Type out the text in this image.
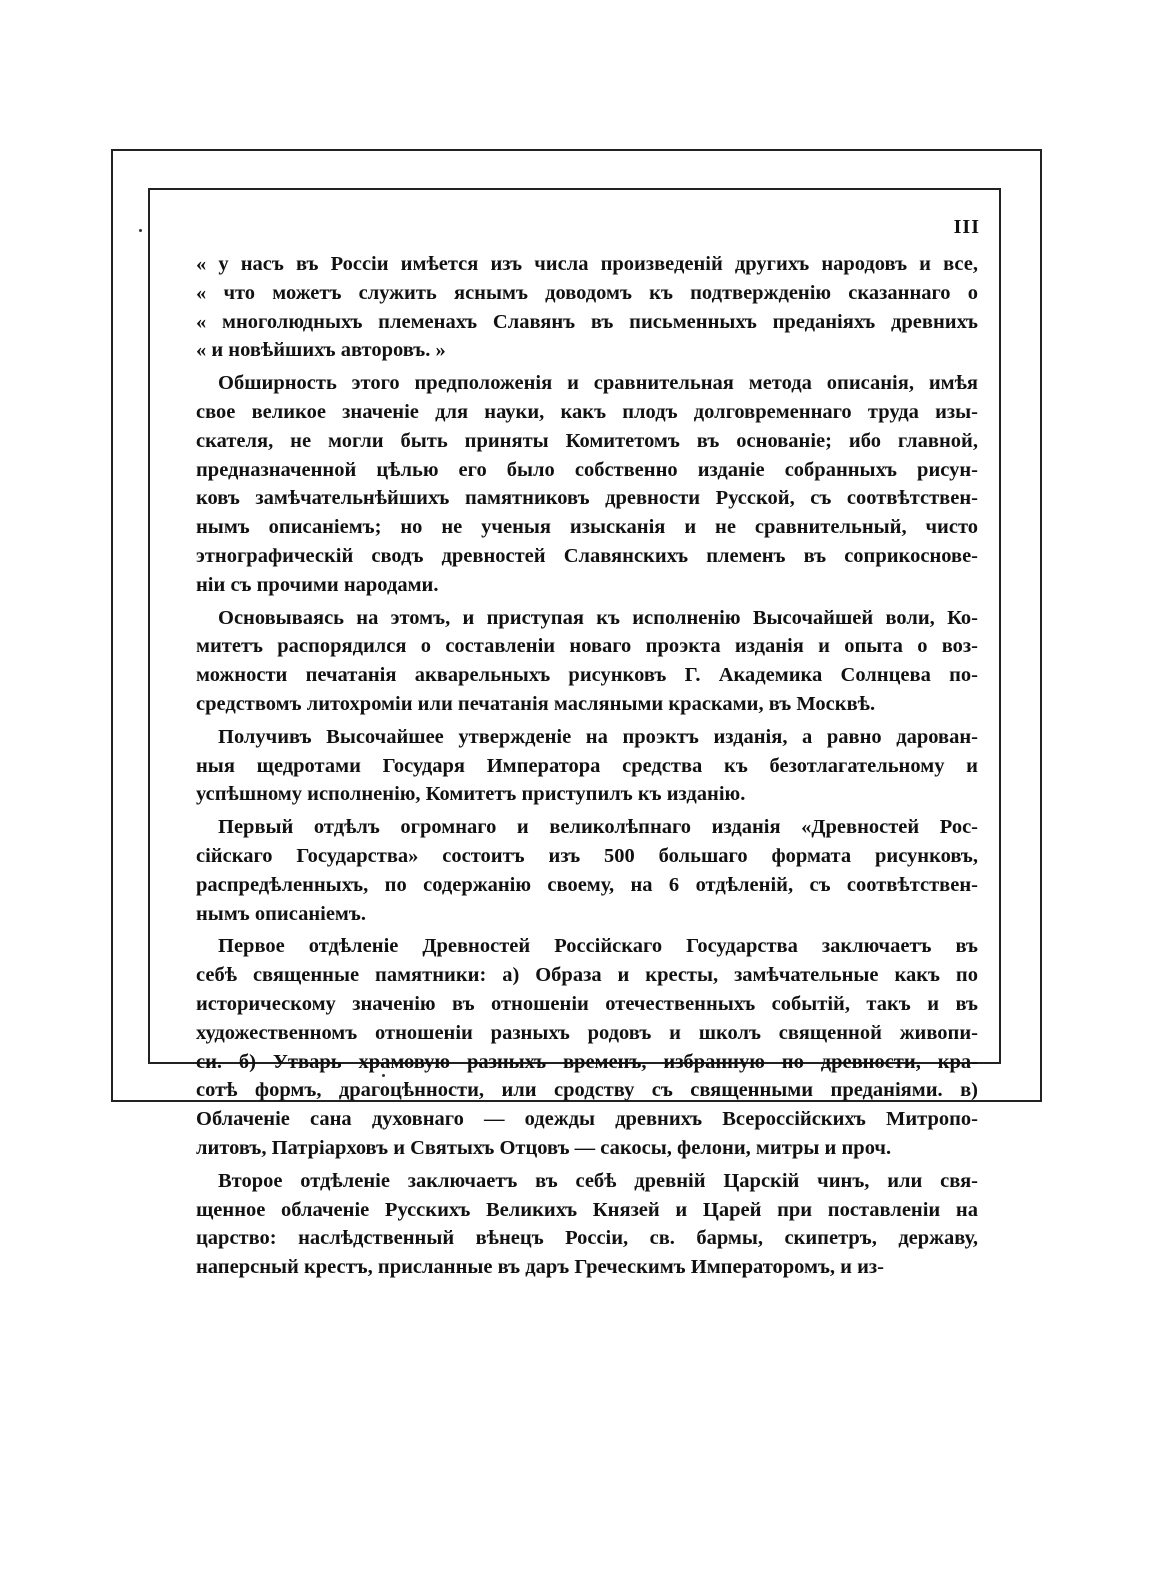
III
« у насъ въ Россіи имѣется изъ числа произведеній другихъ народовъ и все,
« что можетъ служить яснымъ доводомъ къ подтвержденію сказаннаго о
« многолюдныхъ племенахъ Славянъ въ письменныхъ преданіяхъ древнихъ
« и новѣйшихъ авторовъ. »
Обширность этого предположенія и сравнительная метода описанія, имѣя
свое великое значеніе для науки, какъ плодъ долговременнаго труда изы-
скателя, не могли быть приняты Комитетомъ въ основаніе; ибо главной,
предназначенной цѣлью его было собственно изданіе собранныхъ рисун-
ковъ замѣчательнѣйшихъ памятниковъ древности Русской, съ соотвѣтствен-
нымъ описаніемъ; но не ученыя изысканія и не сравнительный, чисто
этнографическій сводъ древностей Славянскихъ племенъ въ соприкоснове-
ніи съ прочими народами.
Основываясь на этомъ, и приступая къ исполненію Высочайшей воли, Ко-
митетъ распорядился о составленіи новаго проэкта изданія и опыта о воз-
можности печатанія акварельныхъ рисунковъ Г. Академика Солнцева по-
средствомъ литохроміи или печатанія масляными красками, въ Москвѣ.
Получивъ Высочайшее утвержденіе на проэктъ изданія, а равно дарован-
ныя щедротами Государя Императора средства къ безотлагательному и
успѣшному исполненію, Комитетъ приступилъ къ изданію.
Первый отдѣлъ огромнаго и великолѣпнаго изданія «Древностей Рос-
сійскаго Государства» состоитъ изъ 500 большаго формата рисунковъ,
распредѣленныхъ, по содержанію своему, на 6 отдѣленій, съ соотвѣтствен-
нымъ описаніемъ.
Первое отдѣленіе Древностей Россійскаго Государства заключаетъ въ
себѣ священные памятники: а) Образа и кресты, замѣчательные какъ по
историческому значенію въ отношеніи отечественныхъ событій, такъ и въ
художественномъ отношеніи разныхъ родовъ и школъ священной живопи-
си. б) Утварь храмовую разныхъ временъ, избранную по древности, кра-
сотѣ формъ, драгоцѣнности, или сродству съ священными преданіями. в)
Облаченіе сана духовнаго — одежды древнихъ Всероссійскихъ Митропо-
литовъ, Патріарховъ и Святыхъ Отцовъ — сакосы, фелони, митры и проч.
Второе отдѣленіе заключаетъ въ себѣ древній Царскій чинъ, или свя-
щенное облаченіе Русскихъ Великихъ Князей и Царей при поставленіи на
царство: наслѣдственный вѣнецъ Россіи, св. бармы, скипетръ, державу,
наперсный крестъ, присланные въ даръ Греческимъ Императоромъ, и из-
